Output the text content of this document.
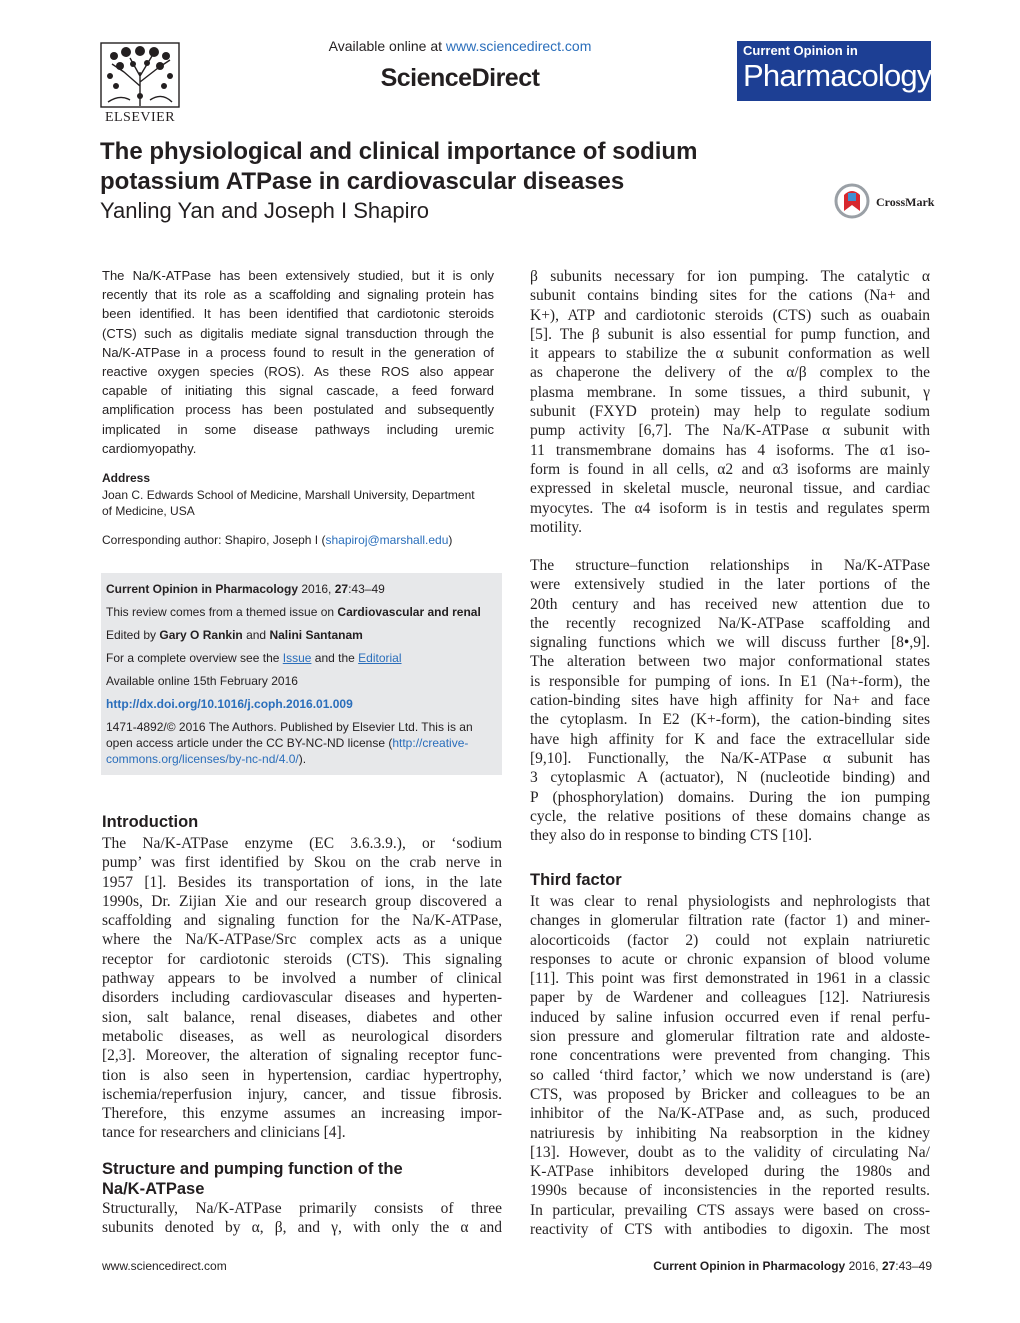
ELSEVIER
Available online at www.sciencedirect.com
ScienceDirect
Current Opinion in
Pharmacology
The physiological and clinical importance of sodium
potassium ATPase in cardiovascular diseases
Yanling Yan and Joseph I Shapiro	CrossMark
The Na/K-ATPase has been extensively studied, but it is only
recently that its role as a scaffolding and signaling protein has
been identified. It has been identified that cardiotonic steroids
(CTS) such as digitalis mediate signal transduction through the
Na/K-ATPase in a process found to result in the generation of
reactive oxygen species (ROS). As these ROS also appear
capable of initiating this signal cascade, a feed forward
amplification process has been postulated and subsequently
implicated in some disease pathways including uremic
cardiomyopathy.
Address
Joan C. Edwards School of Medicine, Marshall University, Department
of Medicine, USA
Corresponding author: Shapiro, Joseph I (shapiroj@marshall.edu)
Current Opinion in Pharmacology 2016, 27:43–49
This review comes from a themed issue on Cardiovascular and renal
Edited by Gary O Rankin and Nalini Santanam
For a complete overview see the Issue and the Editorial
Available online 15th February 2016
http://dx.doi.org/10.1016/j.coph.2016.01.009
1471-4892/© 2016 The Authors. Published by Elsevier Ltd. This is an
open access article under the CC BY-NC-ND license (http://creative-
commons.org/licenses/by-nc-nd/4.0/).
Introduction
The Na/K-ATPase enzyme (EC 3.6.3.9.), or ‘sodium
pump’ was first identified by Skou on the crab nerve in
1957 [1]. Besides its transportation of ions, in the late
1990s, Dr. Zijian Xie and our research group discovered a
scaffolding and signaling function for the Na/K-ATPase,
where the Na/K-ATPase/Src complex acts as a unique
receptor for cardiotonic steroids (CTS). This signaling
pathway appears to be involved a number of clinical
disorders including cardiovascular diseases and hyperten-
sion, salt balance, renal diseases, diabetes and other
metabolic diseases, as well as neurological disorders
[2,3]. Moreover, the alteration of signaling receptor func-
tion is also seen in hypertension, cardiac hypertrophy,
ischemia/reperfusion injury, cancer, and tissue fibrosis.
Therefore, this enzyme assumes an increasing impor-
tance for researchers and clinicians [4].
Structure and pumping function of the
Na/K-ATPase
Structurally, Na/K-ATPase primarily consists of three
subunits denoted by α, β, and γ, with only the α and
β subunits necessary for ion pumping. The catalytic α
subunit contains binding sites for the cations (Na+ and
K+), ATP and cardiotonic steroids (CTS) such as ouabain
[5]. The β subunit is also essential for pump function, and
it appears to stabilize the α subunit conformation as well
as chaperone the delivery of the α/β complex to the
plasma membrane. In some tissues, a third subunit, γ
subunit (FXYD protein) may help to regulate sodium
pump activity [6,7]. The Na/K-ATPase α subunit with
11 transmembrane domains has 4 isoforms. The α1 iso-
form is found in all cells, α2 and α3 isoforms are mainly
expressed in skeletal muscle, neuronal tissue, and cardiac
myocytes. The α4 isoform is in testis and regulates sperm
motility.
The structure–function relationships in Na/K-ATPase
were extensively studied in the later portions of the
20th century and has received new attention due to
the recently recognized Na/K-ATPase scaffolding and
signaling functions which we will discuss further [8•,9].
The alteration between two major conformational states
is responsible for pumping of ions. In E1 (Na+-form), the
cation-binding sites have high affinity for Na+ and face
the cytoplasm. In E2 (K+-form), the cation-binding sites
have high affinity for K and face the extracellular side
[9,10]. Functionally, the Na/K-ATPase α subunit has
3 cytoplasmic A (actuator), N (nucleotide binding) and
P (phosphorylation) domains. During the ion pumping
cycle, the relative positions of these domains change as
they also do in response to binding CTS [10].
Third factor
It was clear to renal physiologists and nephrologists that
changes in glomerular filtration rate (factor 1) and miner-
alocorticoids (factor 2) could not explain natriuretic
responses to acute or chronic expansion of blood volume
[11]. This point was first demonstrated in 1961 in a classic
paper by de Wardener and colleagues [12]. Natriuresis
induced by saline infusion occurred even if renal perfu-
sion pressure and glomerular filtration rate and aldoste-
rone concentrations were prevented from changing. This
so called ‘third factor,’ which we now understand is (are)
CTS, was proposed by Bricker and colleagues to be an
inhibitor of the Na/K-ATPase and, as such, produced
natriuresis by inhibiting Na reabsorption in the kidney
[13]. However, doubt as to the validity of circulating Na/
K-ATPase inhibitors developed during the 1980s and
1990s because of inconsistencies in the reported results.
In particular, prevailing CTS assays were based on cross-
reactivity of CTS with antibodies to digoxin. The most
www.sciencedirect.com	Current Opinion in Pharmacology 2016, 27:43–49
